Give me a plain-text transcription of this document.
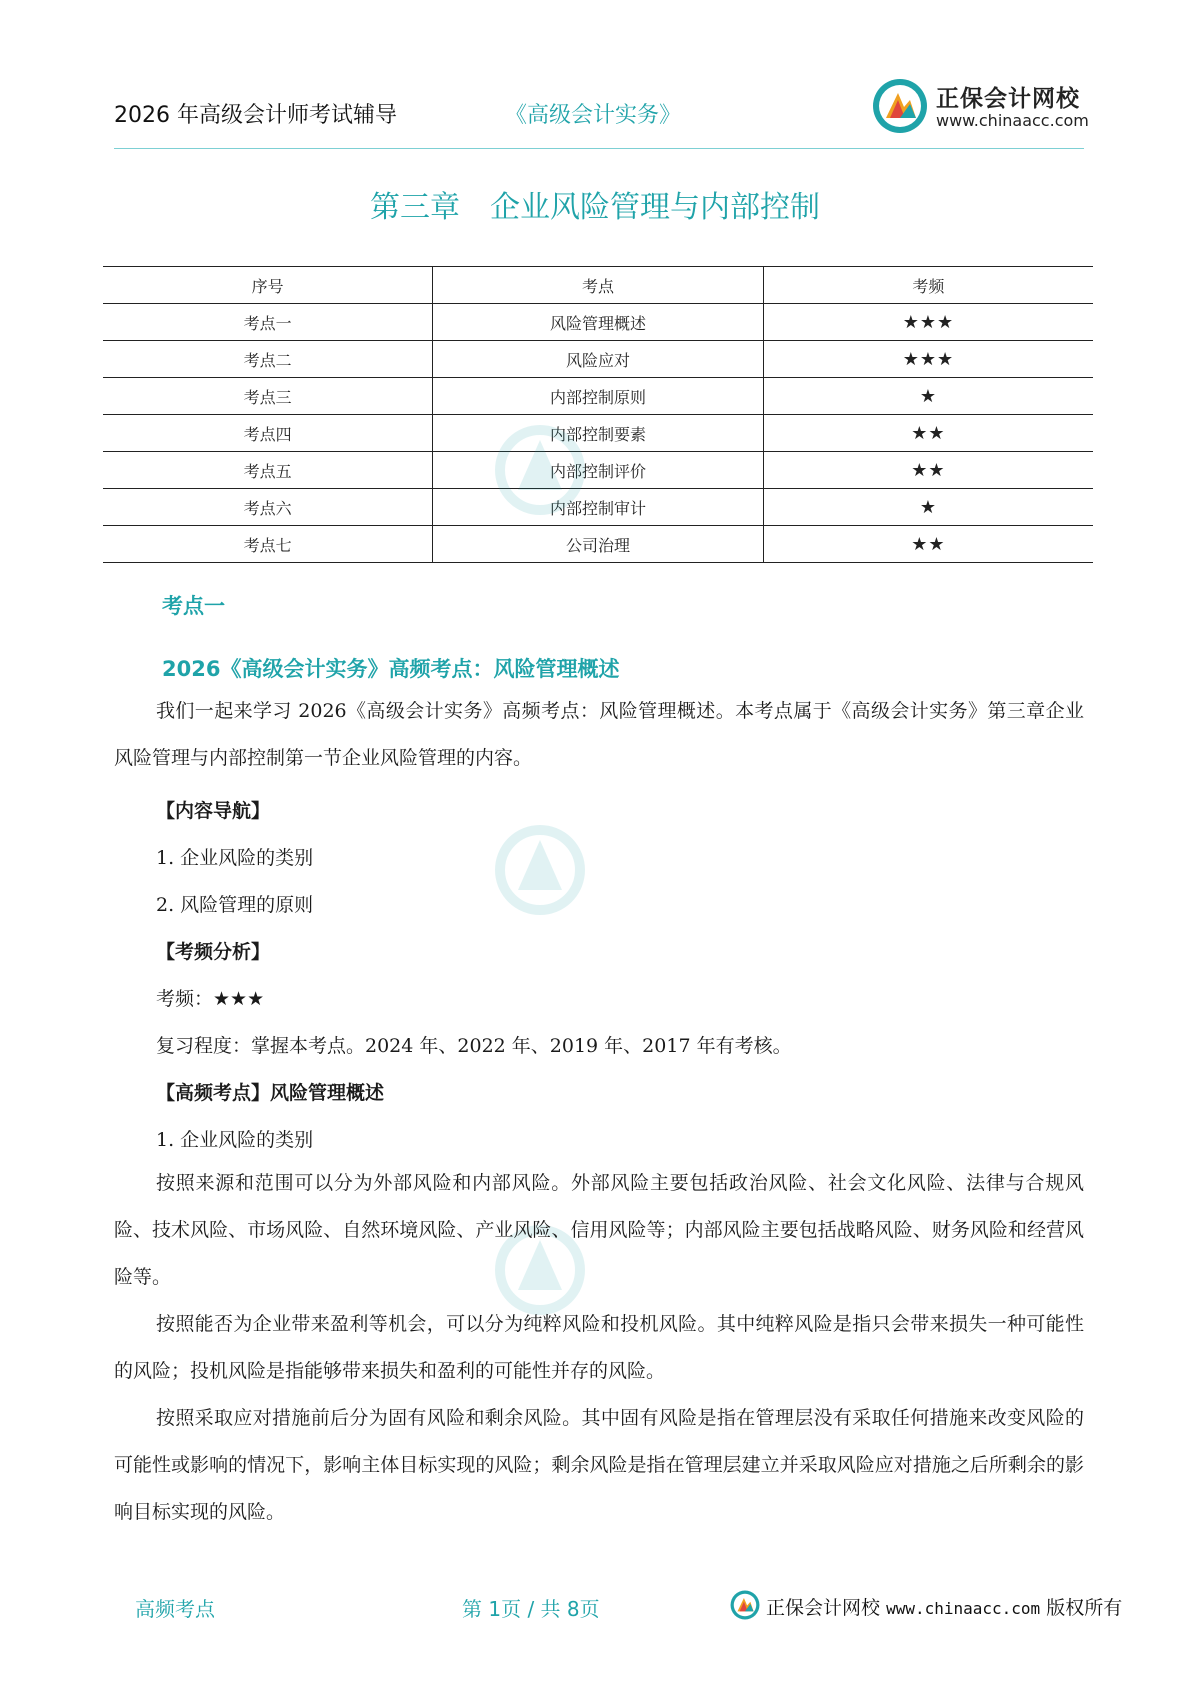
2026 年高级会计师考试辅导	《高级会计实务》
正保会计网校
www.chinaacc.com
第三章　企业风险管理与内部控制
序号	考点	考频
考点一	风险管理概述	★★★
考点二	风险应对	★★★
考点三	内部控制原则	★
考点四	内部控制要素	★★
考点五	内部控制评价	★★
考点六	内部控制审计	★
考点七	公司治理	★★
考点一
2026《高级会计实务》高频考点：风险管理概述

我们一起来学习 2026《高级会计实务》高频考点：风险管理概述。本考点属于《高级会计实务》第三章企业风险管理与内部控制第一节企业风险管理的内容。

【内容导航】

1. 企业风险的类别

2. 风险管理的原则

【考频分析】

考频：★★★

复习程度：掌握本考点。2024 年、2022 年、2019 年、2017 年有考核。

【高频考点】风险管理概述

1. 企业风险的类别

按照来源和范围可以分为外部风险和内部风险。外部风险主要包括政治风险、社会文化风险、法律与合规风险、技术风险、市场风险、自然环境风险、产业风险、信用风险等；内部风险主要包括战略风险、财务风险和经营风险等。

按照能否为企业带来盈利等机会，可以分为纯粹风险和投机风险。其中纯粹风险是指只会带来损失一种可能性的风险；投机风险是指能够带来损失和盈利的可能性并存的风险。

按照采取应对措施前后分为固有风险和剩余风险。其中固有风险是指在管理层没有采取任何措施来改变风险的可能性或影响的情况下，影响主体目标实现的风险；剩余风险是指在管理层建立并采取风险应对措施之后所剩余的影响目标实现的风险。

高频考点	第 1页 / 共 8页	正保会计网校 www.chinaacc.com 版权所有
